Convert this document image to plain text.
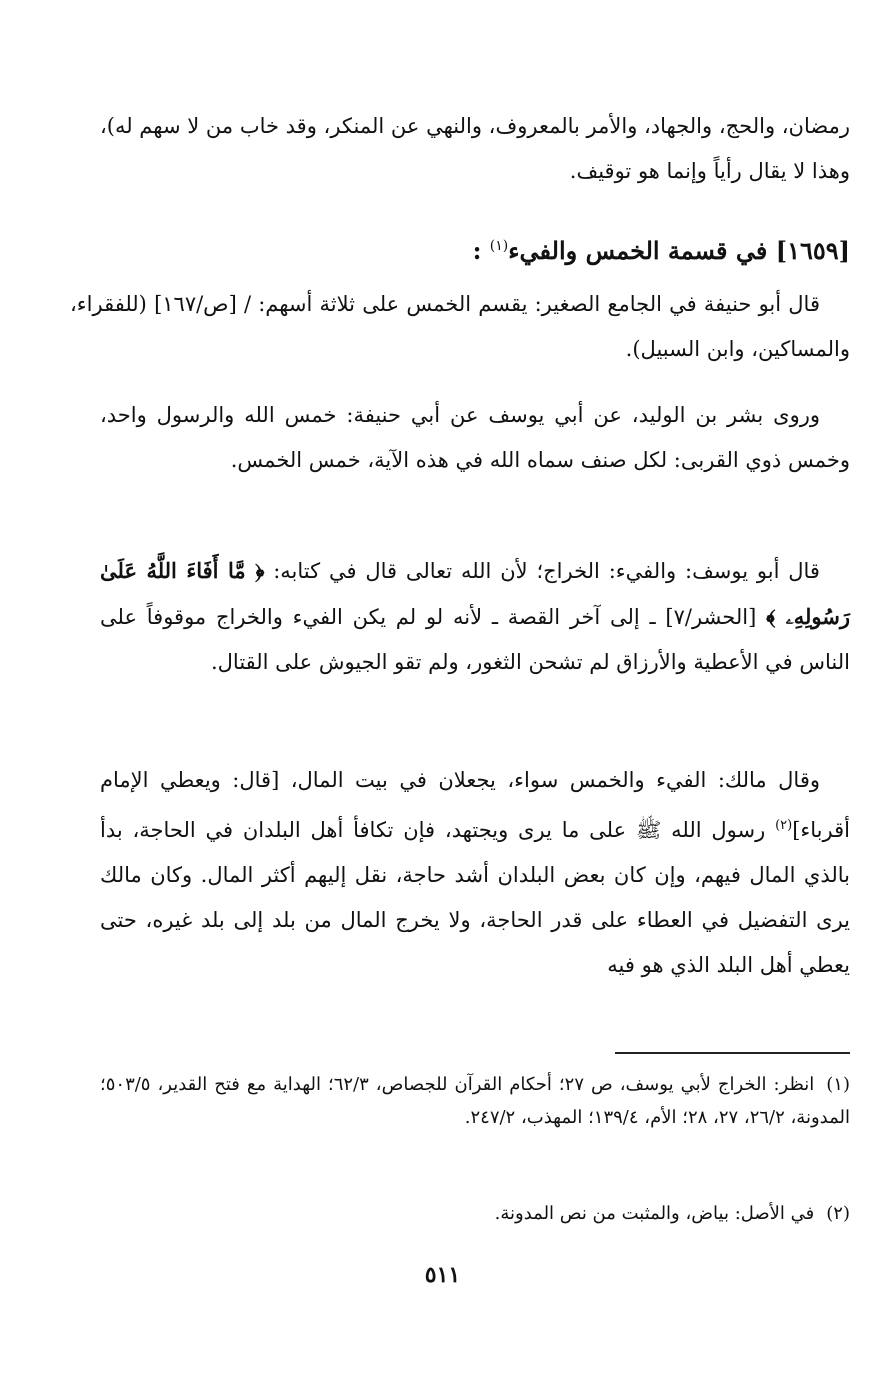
رمضان، والحج، والجهاد، والأمر بالمعروف، والنهي عن المنكر، وقد خاب من لا سهم له)، وهذا لا يقال رأياً وإنما هو توقيف.

[١٦٥٩] في قسمة الخمس والفيء$^{(١)}$ :

قال أبو حنيفة في الجامع الصغير: يقسم الخمس على ثلاثة أسهم: / [ص/١٦٧] (للفقراء، والمساكين، وابن السبيل).

وروى بشر بن الوليد، عن أبي يوسف عن أبي حنيفة: خمس الله والرسول واحد، وخمس ذوي القربى: لكل صنف سماه الله في هذه الآية، خمس الخمس.

قال أبو يوسف: والفيء: الخراج؛ لأن الله تعالى قال في كتابه: ﴿ مَّا أَفَاءَ اللَّهُ عَلَىٰ رَسُولِهِۦ ﴾ [الحشر/٧] ـ إلى آخر القصة ـ لأنه لو لم يكن الفيء والخراج موقوفاً على الناس في الأعطية والأرزاق لم تشحن الثغور، ولم تقو الجيوش على القتال.

وقال مالك: الفيء والخمس سواء، يجعلان في بيت المال، [قال: ويعطي الإمام أقرباء]$^{(٢)}$ رسول الله ﷺ على ما يرى ويجتهد، فإن تكافأ أهل البلدان في الحاجة، بدأ بالذي المال فيهم، وإن كان بعض البلدان أشد حاجة، نقل إليهم أكثر المال. وكان مالك يرى التفضيل في العطاء على قدر الحاجة، ولا يخرج المال من بلد إلى بلد غيره، حتى يعطي أهل البلد الذي هو فيه

(١)انظر: الخراج لأبي يوسف، ص ٢٧؛ أحكام القرآن للجصاص، ٦٢/٣؛ الهداية مع فتح القدير، ٥٠٣/٥؛ المدونة، ٢٦/٢، ٢٧، ٢٨؛ الأم، ١٣٩/٤؛ المهذب، ٢٤٧/٢.

(٢)في الأصل: بياض، والمثبت من نص المدونة.

٥١١
